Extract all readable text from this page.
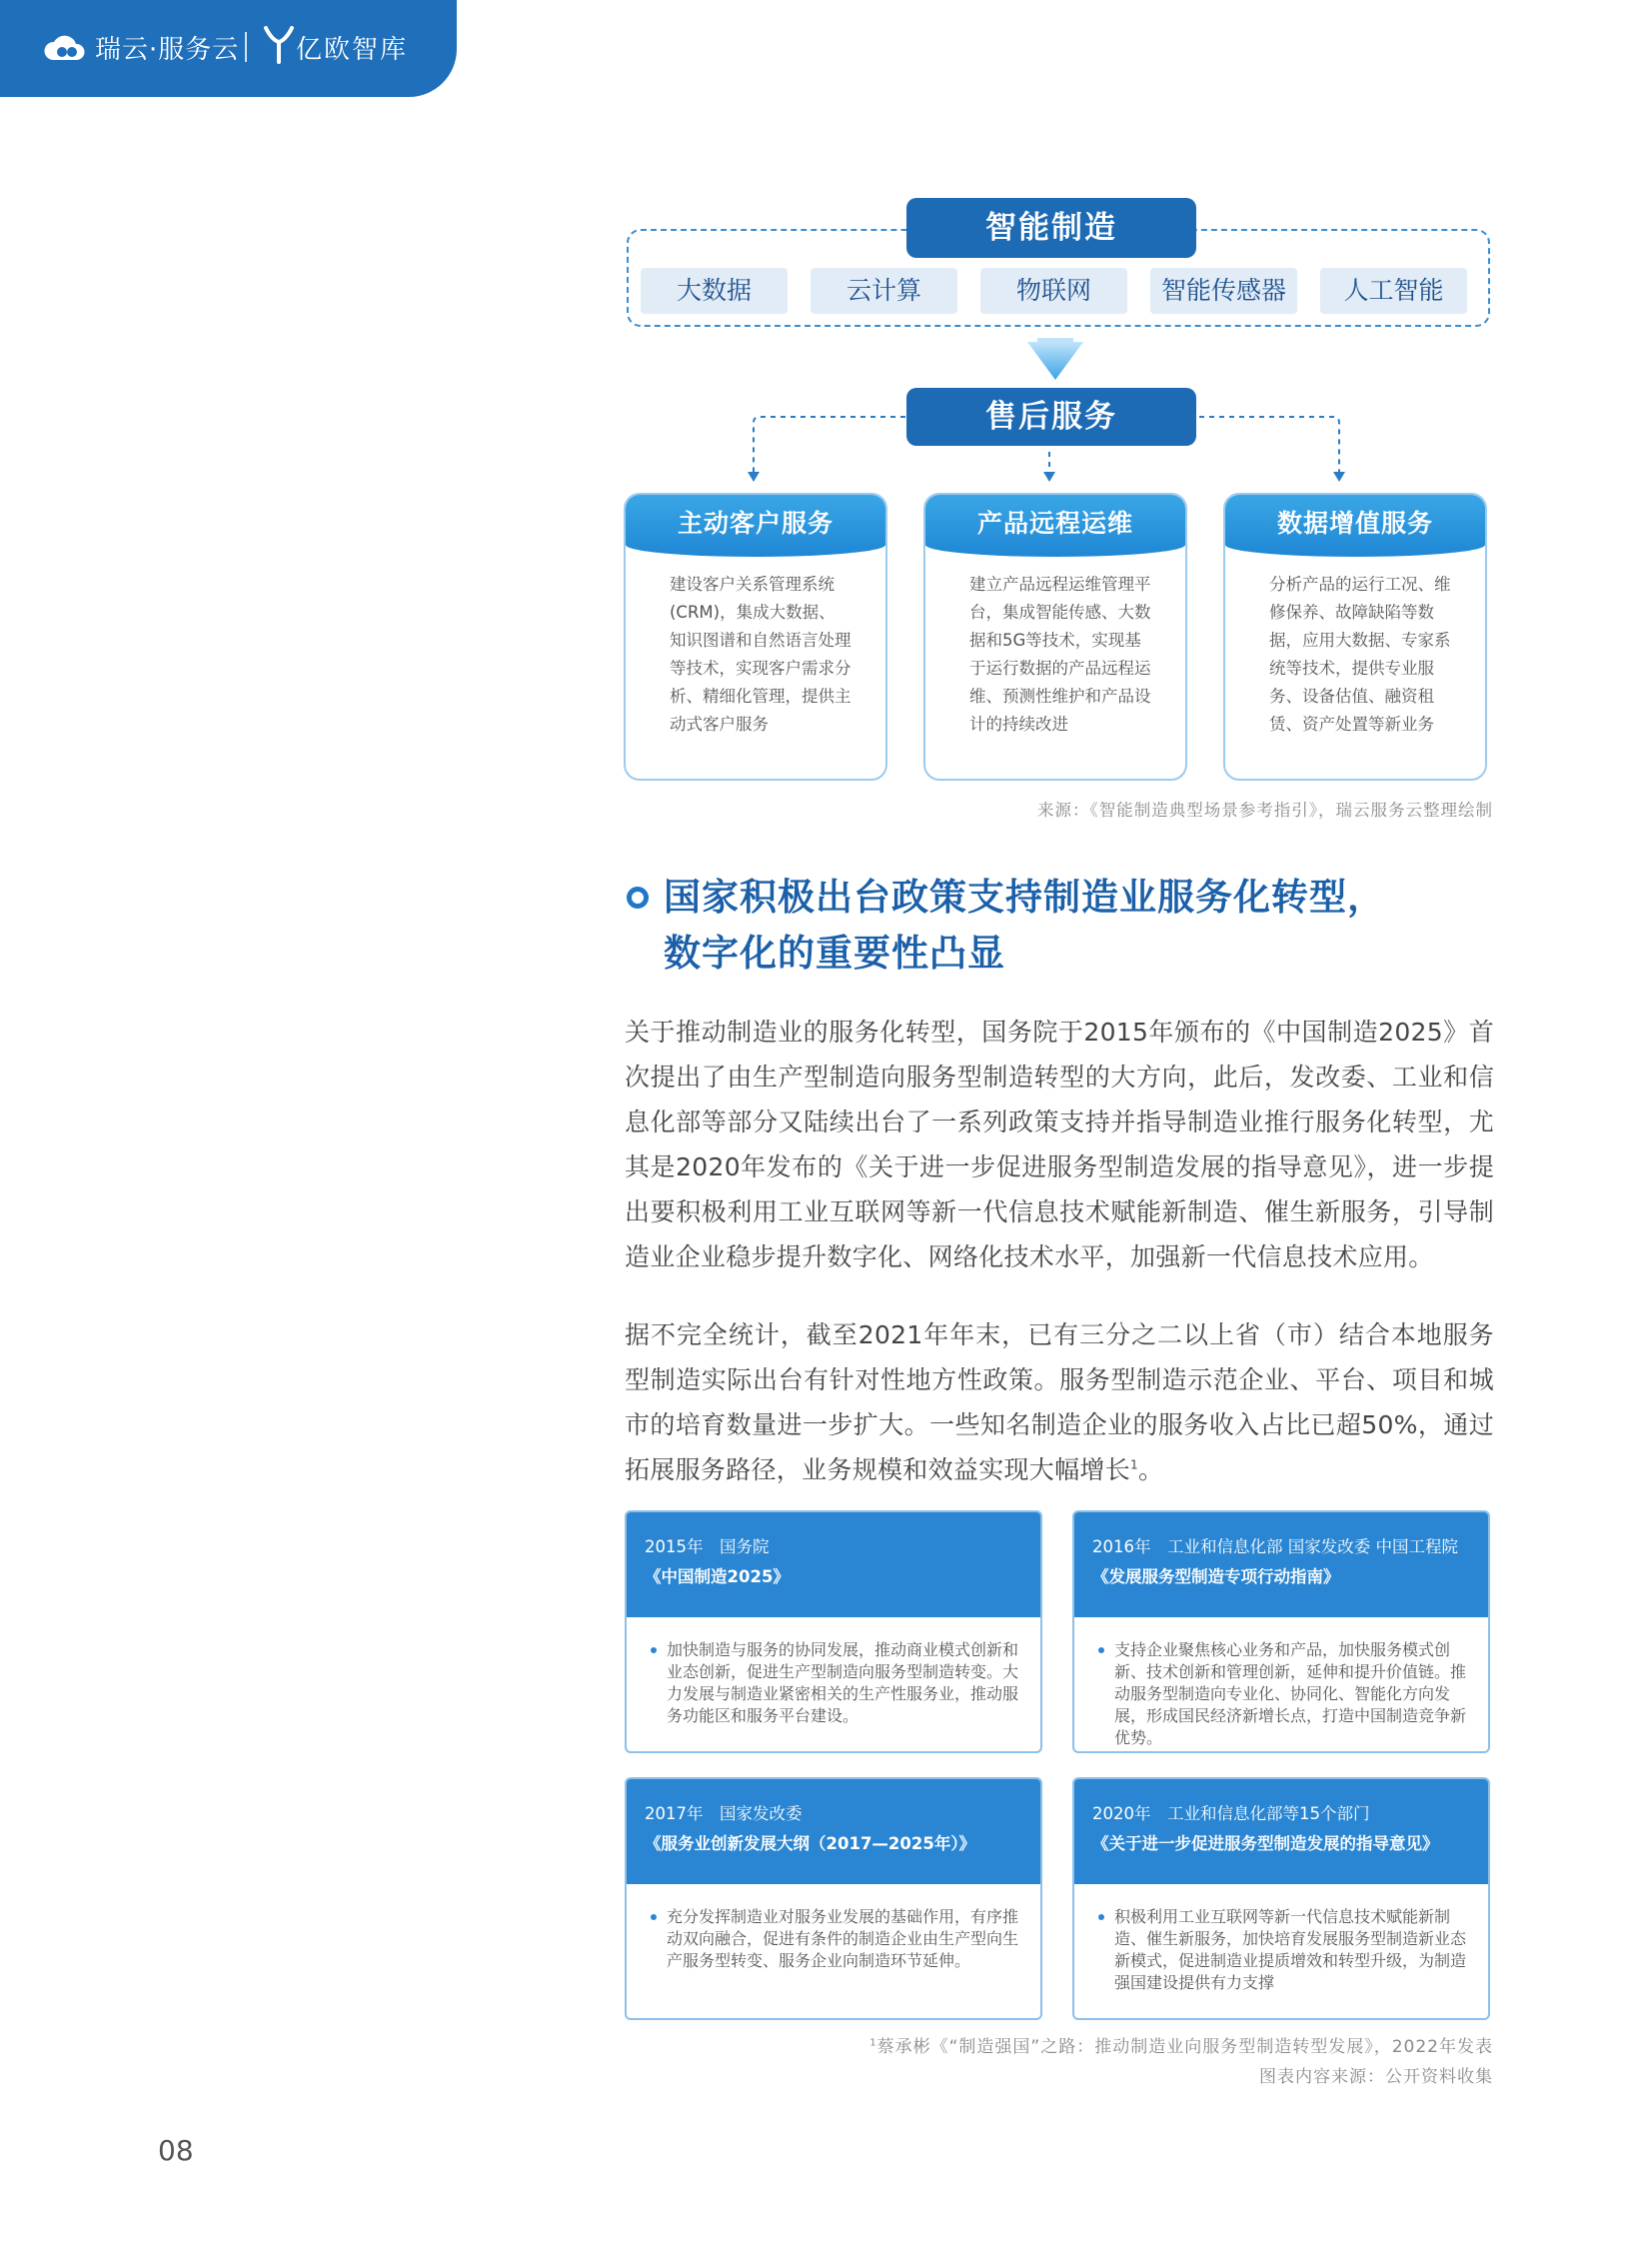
瑞云·服务云 亿欧智库
智能制造
大数据	云计算	物联网	智能传感器	人工智能
售后服务
主动客户服务
建设客户关系管理系统(CRM)，集成大数据、知识图谱和自然语言处理等技术，实现客户需求分析、精细化管理，提供主动式客户服务
产品远程运维
建立产品远程运维管理平台，集成智能传感、大数据和5G等技术，实现基于运行数据的产品远程运维、预测性维护和产品设计的持续改进
数据增值服务
分析产品的运行工况、维修保养、故障缺陷等数据，应用大数据、专家系统等技术，提供专业服务、设备估值、融资租赁、资产处置等新业务
来源：《智能制造典型场景参考指引》，瑞云服务云整理绘制
国家积极出台政策支持制造业服务化转型，
数字化的重要性凸显
关于推动制造业的服务化转型，国务院于2015年颁布的《中国制造2025》首次提出了由生产型制造向服务型制造转型的大方向，此后，发改委、工业和信息化部等部分又陆续出台了一系列政策支持并指导制造业推行服务化转型，尤其是2020年发布的《关于进一步促进服务型制造发展的指导意见》，进一步提出要积极利用工业互联网等新一代信息技术赋能新制造、催生新服务，引导制造业企业稳步提升数字化、网络化技术水平，加强新一代信息技术应用。
据不完全统计，截至2021年年末，已有三分之二以上省（市）结合本地服务型制造实际出台有针对性地方性政策。服务型制造示范企业、平台、项目和城市的培育数量进一步扩大。一些知名制造企业的服务收入占比已超50%，通过拓展服务路径，业务规模和效益实现大幅增长$^1$。
2015年　国务院
《中国制造2025》
加快制造与服务的协同发展，推动商业模式创新和业态创新，促进生产型制造向服务型制造转变。大力发展与制造业紧密相关的生产性服务业，推动服务功能区和服务平台建设。
2016年　工业和信息化部 国家发改委 中国工程院
《发展服务型制造专项行动指南》
支持企业聚焦核心业务和产品，加快服务模式创新、技术创新和管理创新，延伸和提升价值链。推动服务型制造向专业化、协同化、智能化方向发展，形成国民经济新增长点，打造中国制造竞争新优势。
2017年　国家发改委
《服务业创新发展大纲（2017—2025年）》
充分发挥制造业对服务业发展的基础作用，有序推动双向融合，促进有条件的制造企业由生产型向生产服务型转变、服务企业向制造环节延伸。
2020年　工业和信息化部等15个部门
《关于进一步促进服务型制造发展的指导意见》
积极利用工业互联网等新一代信息技术赋能新制造、催生新服务，加快培育发展服务型制造新业态新模式，促进制造业提质增效和转型升级，为制造强国建设提供有力支撑
$^1$蔡承彬《“制造强国”之路：推动制造业向服务型制造转型发展》，2022年发表
图表内容来源：公开资料收集
08
